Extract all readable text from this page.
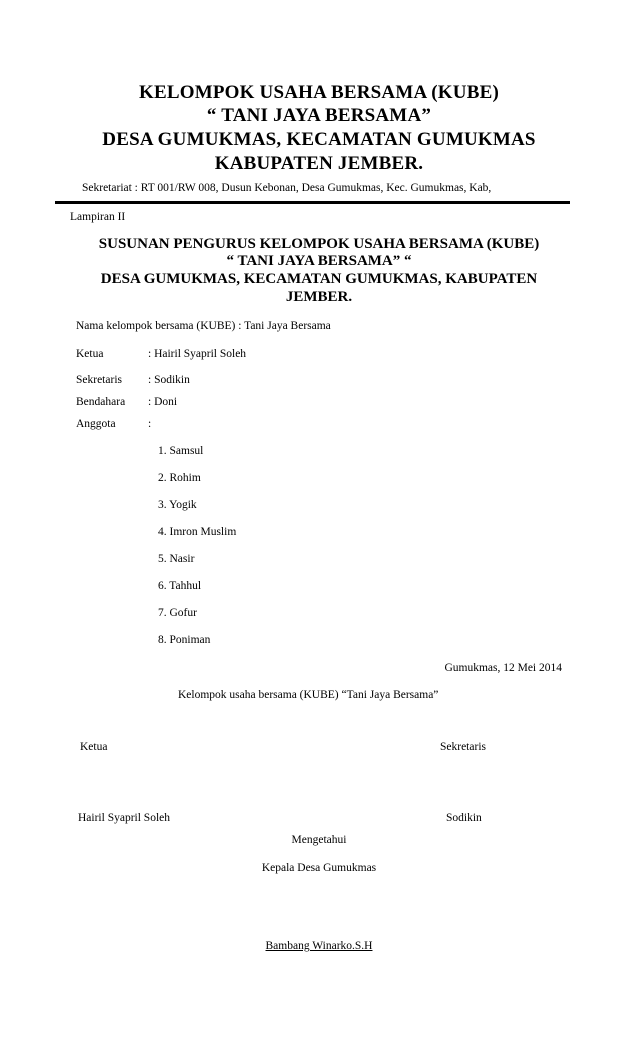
KELOMPOK USAHA BERSAMA (KUBE)
“ TANI JAYA BERSAMA”
DESA GUMUKMAS, KECAMATAN GUMUKMAS
KABUPATEN JEMBER.
Sekretariat : RT 001/RW 008, Dusun Kebonan, Desa Gumukmas, Kec. Gumukmas, Kab,
Lampiran II
SUSUNAN PENGURUS KELOMPOK USAHA BERSAMA (KUBE)
“ TANI JAYA BERSAMA” “
DESA GUMUKMAS, KECAMATAN GUMUKMAS, KABUPATEN
JEMBER.
Nama kelompok bersama (KUBE) : Tani Jaya Bersama
Ketua	: Hairil Syapril Soleh
Sekretaris : Sodikin
Bendahara : Doni
Anggota	:
1. Samsul
2. Rohim
3. Yogik
4. Imron Muslim
5. Nasir
6. Tahhul
7. Gofur
8. Poniman
Gumukmas, 12 Mei 2014
Kelompok usaha bersama (KUBE) “Tani Jaya Bersama”
Ketua	Sekretaris
Hairil Syapril Soleh	Sodikin
Mengetahui
Kepala Desa Gumukmas
Bambang Winarko.S.H
